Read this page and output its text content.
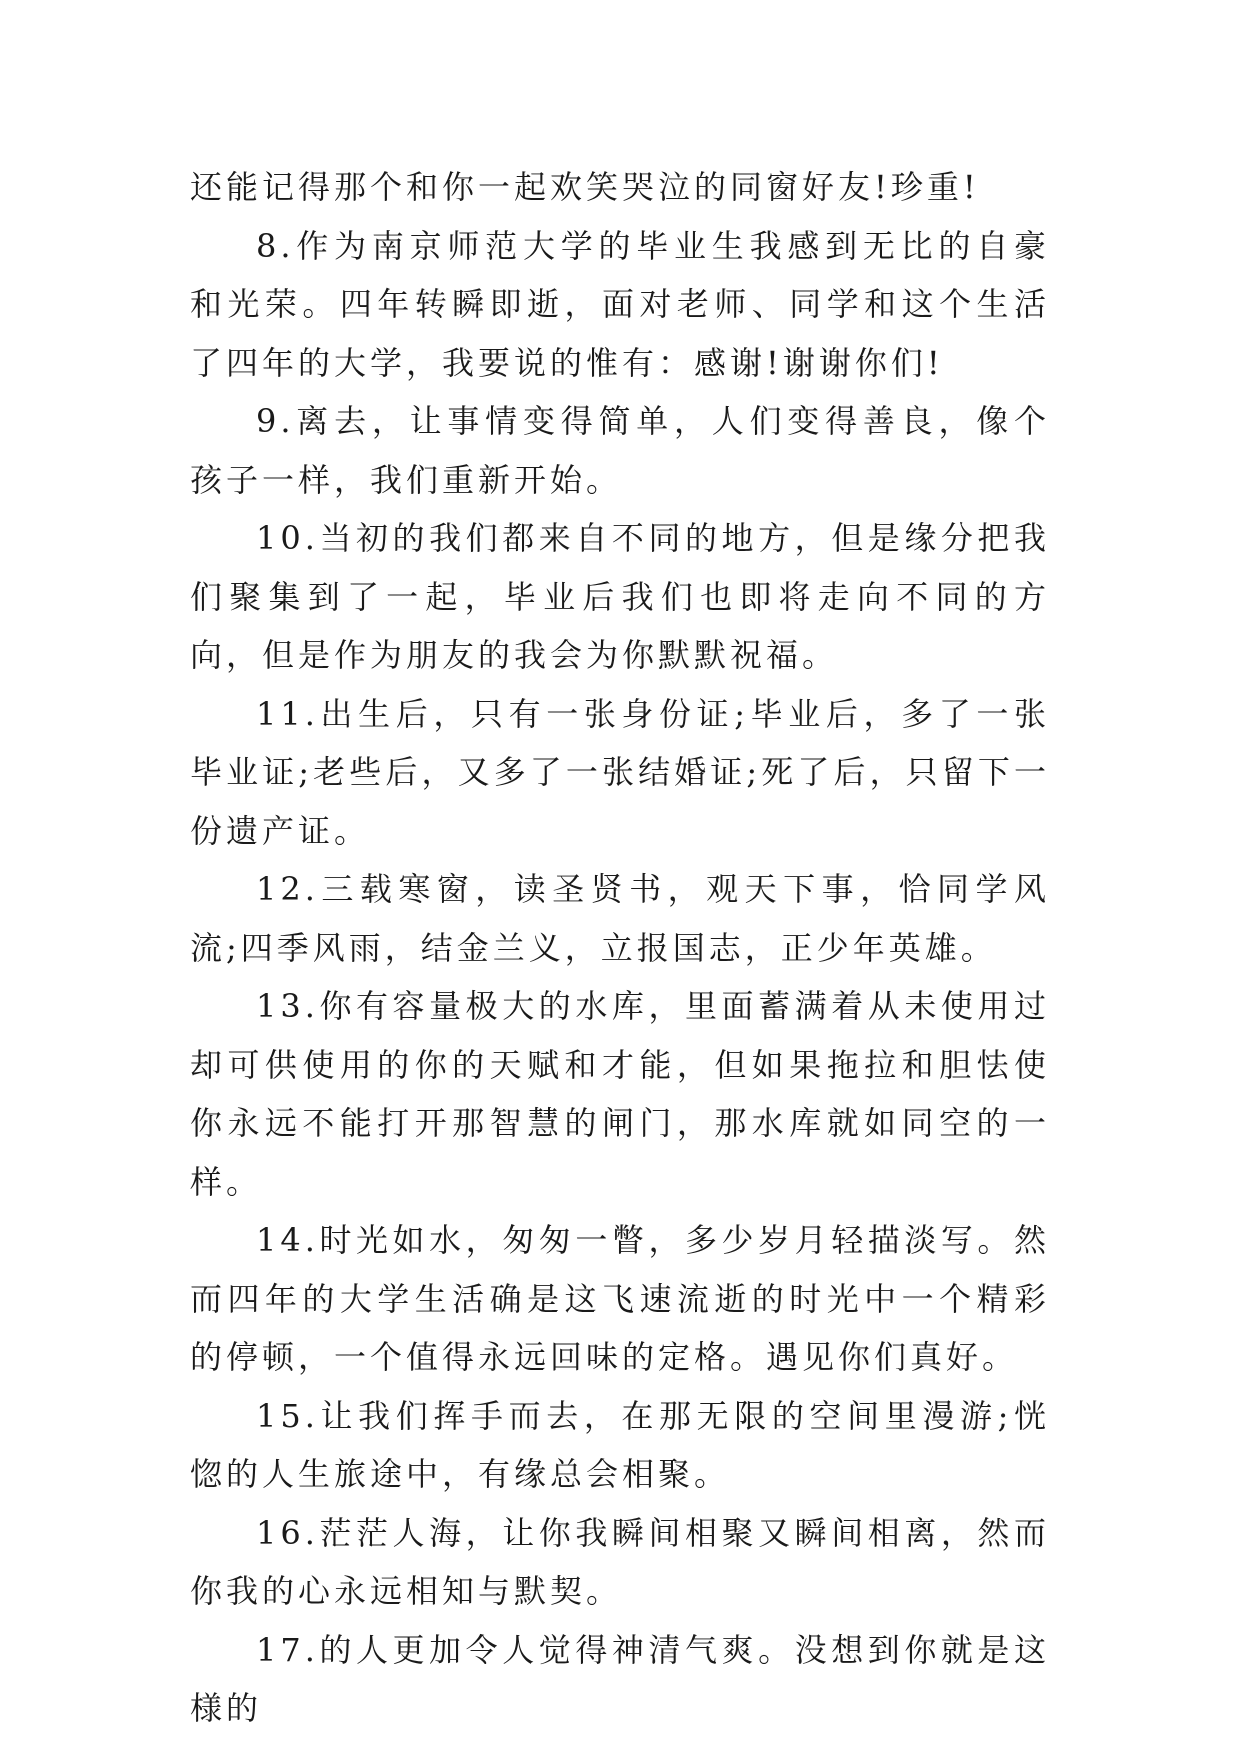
还能记得那个和你一起欢笑哭泣的同窗好友!珍重!

8.作为南京师范大学的毕业生我感到无比的自豪和光荣。四年转瞬即逝，面对老师、同学和这个生活了四年的大学，我要说的惟有：感谢!谢谢你们!

9.离去，让事情变得简单，人们变得善良，像个孩子一样，我们重新开始。

10.当初的我们都来自不同的地方，但是缘分把我们聚集到了一起，毕业后我们也即将走向不同的方向，但是作为朋友的我会为你默默祝福。

11.出生后，只有一张身份证;毕业后，多了一张毕业证;老些后，又多了一张结婚证;死了后，只留下一份遗产证。

12.三载寒窗，读圣贤书，观天下事，恰同学风流;四季风雨，结金兰义，立报国志，正少年英雄。

13.你有容量极大的水库，里面蓄满着从未使用过却可供使用的你的天赋和才能，但如果拖拉和胆怯使你永远不能打开那智慧的闸门，那水库就如同空的一样。

14.时光如水，匆匆一瞥，多少岁月轻描淡写。然而四年的大学生活确是这飞速流逝的时光中一个精彩的停顿，一个值得永远回味的定格。遇见你们真好。

15.让我们挥手而去，在那无限的空间里漫游;恍惚的人生旅途中，有缘总会相聚。

16.茫茫人海，让你我瞬间相聚又瞬间相离，然而你我的心永远相知与默契。

17.的人更加令人觉得神清气爽。没想到你就是这様的
